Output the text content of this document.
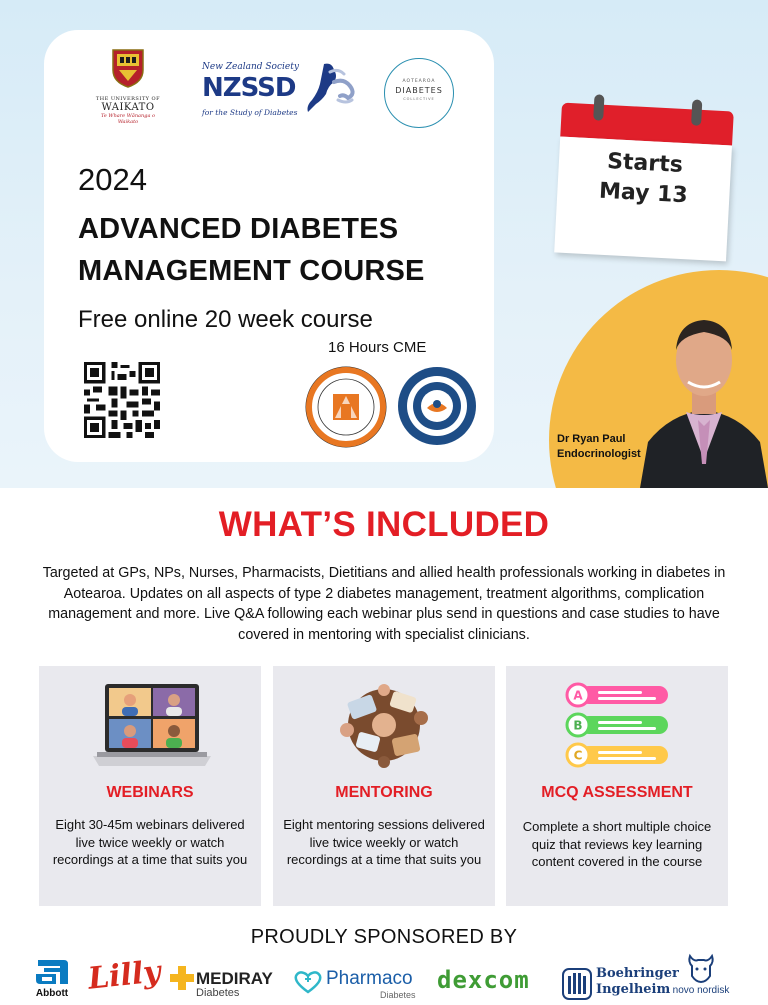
THE UNIVERSITY OF
WAIKATO
Te Whare Wānanga o Waikato
New Zealand Society
NZSSD
for the Study of Diabetes
AOTEAROA
DIABETES
COLLECTIVE
2024
ADVANCED DIABETES
MANAGEMENT COURSE
Free online 20 week course
16 Hours CME
Starts
May 13
Dr Ryan Paul
Endocrinologist
WHAT’S INCLUDED
Targeted at GPs, NPs, Nurses, Pharmacists, Dietitians and allied health professionals working in diabetes in Aotearoa. Updates on all aspects of type 2 diabetes management, treatment algorithms, complication management and more. Live Q&A following each webinar plus send in questions and case studies to have covered in mentoring with specialist clinicians.
WEBINARS
Eight 30-45m webinars delivered live twice weekly or watch recordings at a time that suits you
MENTORING
Eight mentoring sessions delivered live twice weekly or watch recordings at a time that suits you
A
B
C
MCQ ASSESSMENT
Complete a short multiple choice quiz that reviews key learning content covered in the course
PROUDLY SPONSORED BY
Abbott Lilly MEDIRAY
Diabetes
Pharmaco
Diabetes
dexcom	Boehringer
Ingelheim novo nordisk
